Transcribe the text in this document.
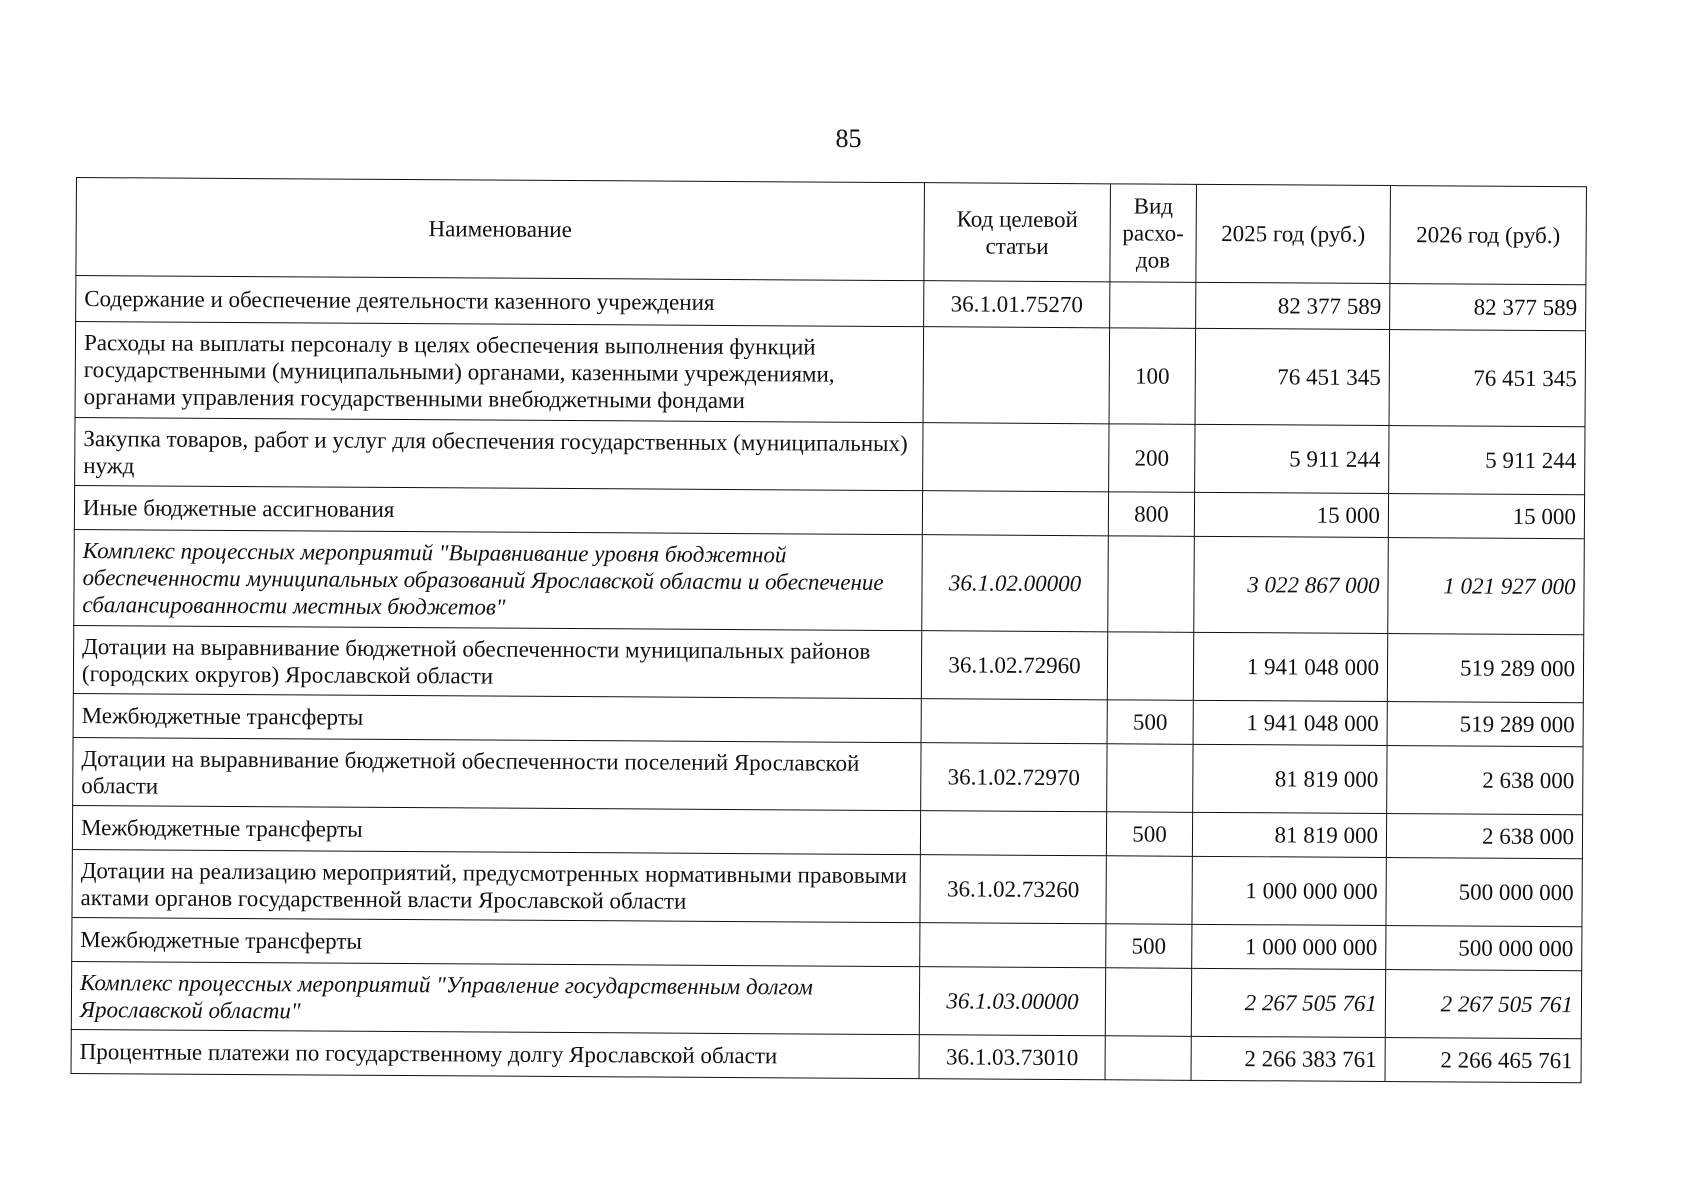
85
Наименование	Код целевой статьи	Вид расхо-дов	2025 год (руб.)	2026 год (руб.)
Содержание и обеспечение деятельности казенного учреждения	36.1.01.75270		82 377 589	82 377 589
Расходы на выплаты персоналу в целях обеспечения выполнения функций государственными (муниципальными) органами, казенными учреждениями, органами управления государственными внебюджетными фондами		100	76 451 345	76 451 345
Закупка товаров, работ и услуг для обеспечения государственных (муниципальных) нужд		200	5 911 244	5 911 244
Иные бюджетные ассигнования		800	15 000	15 000
Комплекс процессных мероприятий "Выравнивание уровня бюджетной обеспеченности муниципальных образований Ярославской области и обеспечение сбалансированности местных бюджетов"	36.1.02.00000		3 022 867 000	1 021 927 000
Дотации на выравнивание бюджетной обеспеченности муниципальных районов (городских округов) Ярославской области	36.1.02.72960		1 941 048 000	519 289 000
Межбюджетные трансферты		500	1 941 048 000	519 289 000
Дотации на выравнивание бюджетной обеспеченности поселений Ярославской области	36.1.02.72970		81 819 000	2 638 000
Межбюджетные трансферты		500	81 819 000	2 638 000
Дотации на реализацию мероприятий, предусмотренных нормативными правовыми актами органов государственной власти Ярославской области	36.1.02.73260		1 000 000 000	500 000 000
Межбюджетные трансферты		500	1 000 000 000	500 000 000
Комплекс процессных мероприятий "Управление государственным долгом Ярославской области"	36.1.03.00000		2 267 505 761	2 267 505 761
Процентные платежи по государственному долгу Ярославской области	36.1.03.73010		2 266 383 761	2 266 465 761
